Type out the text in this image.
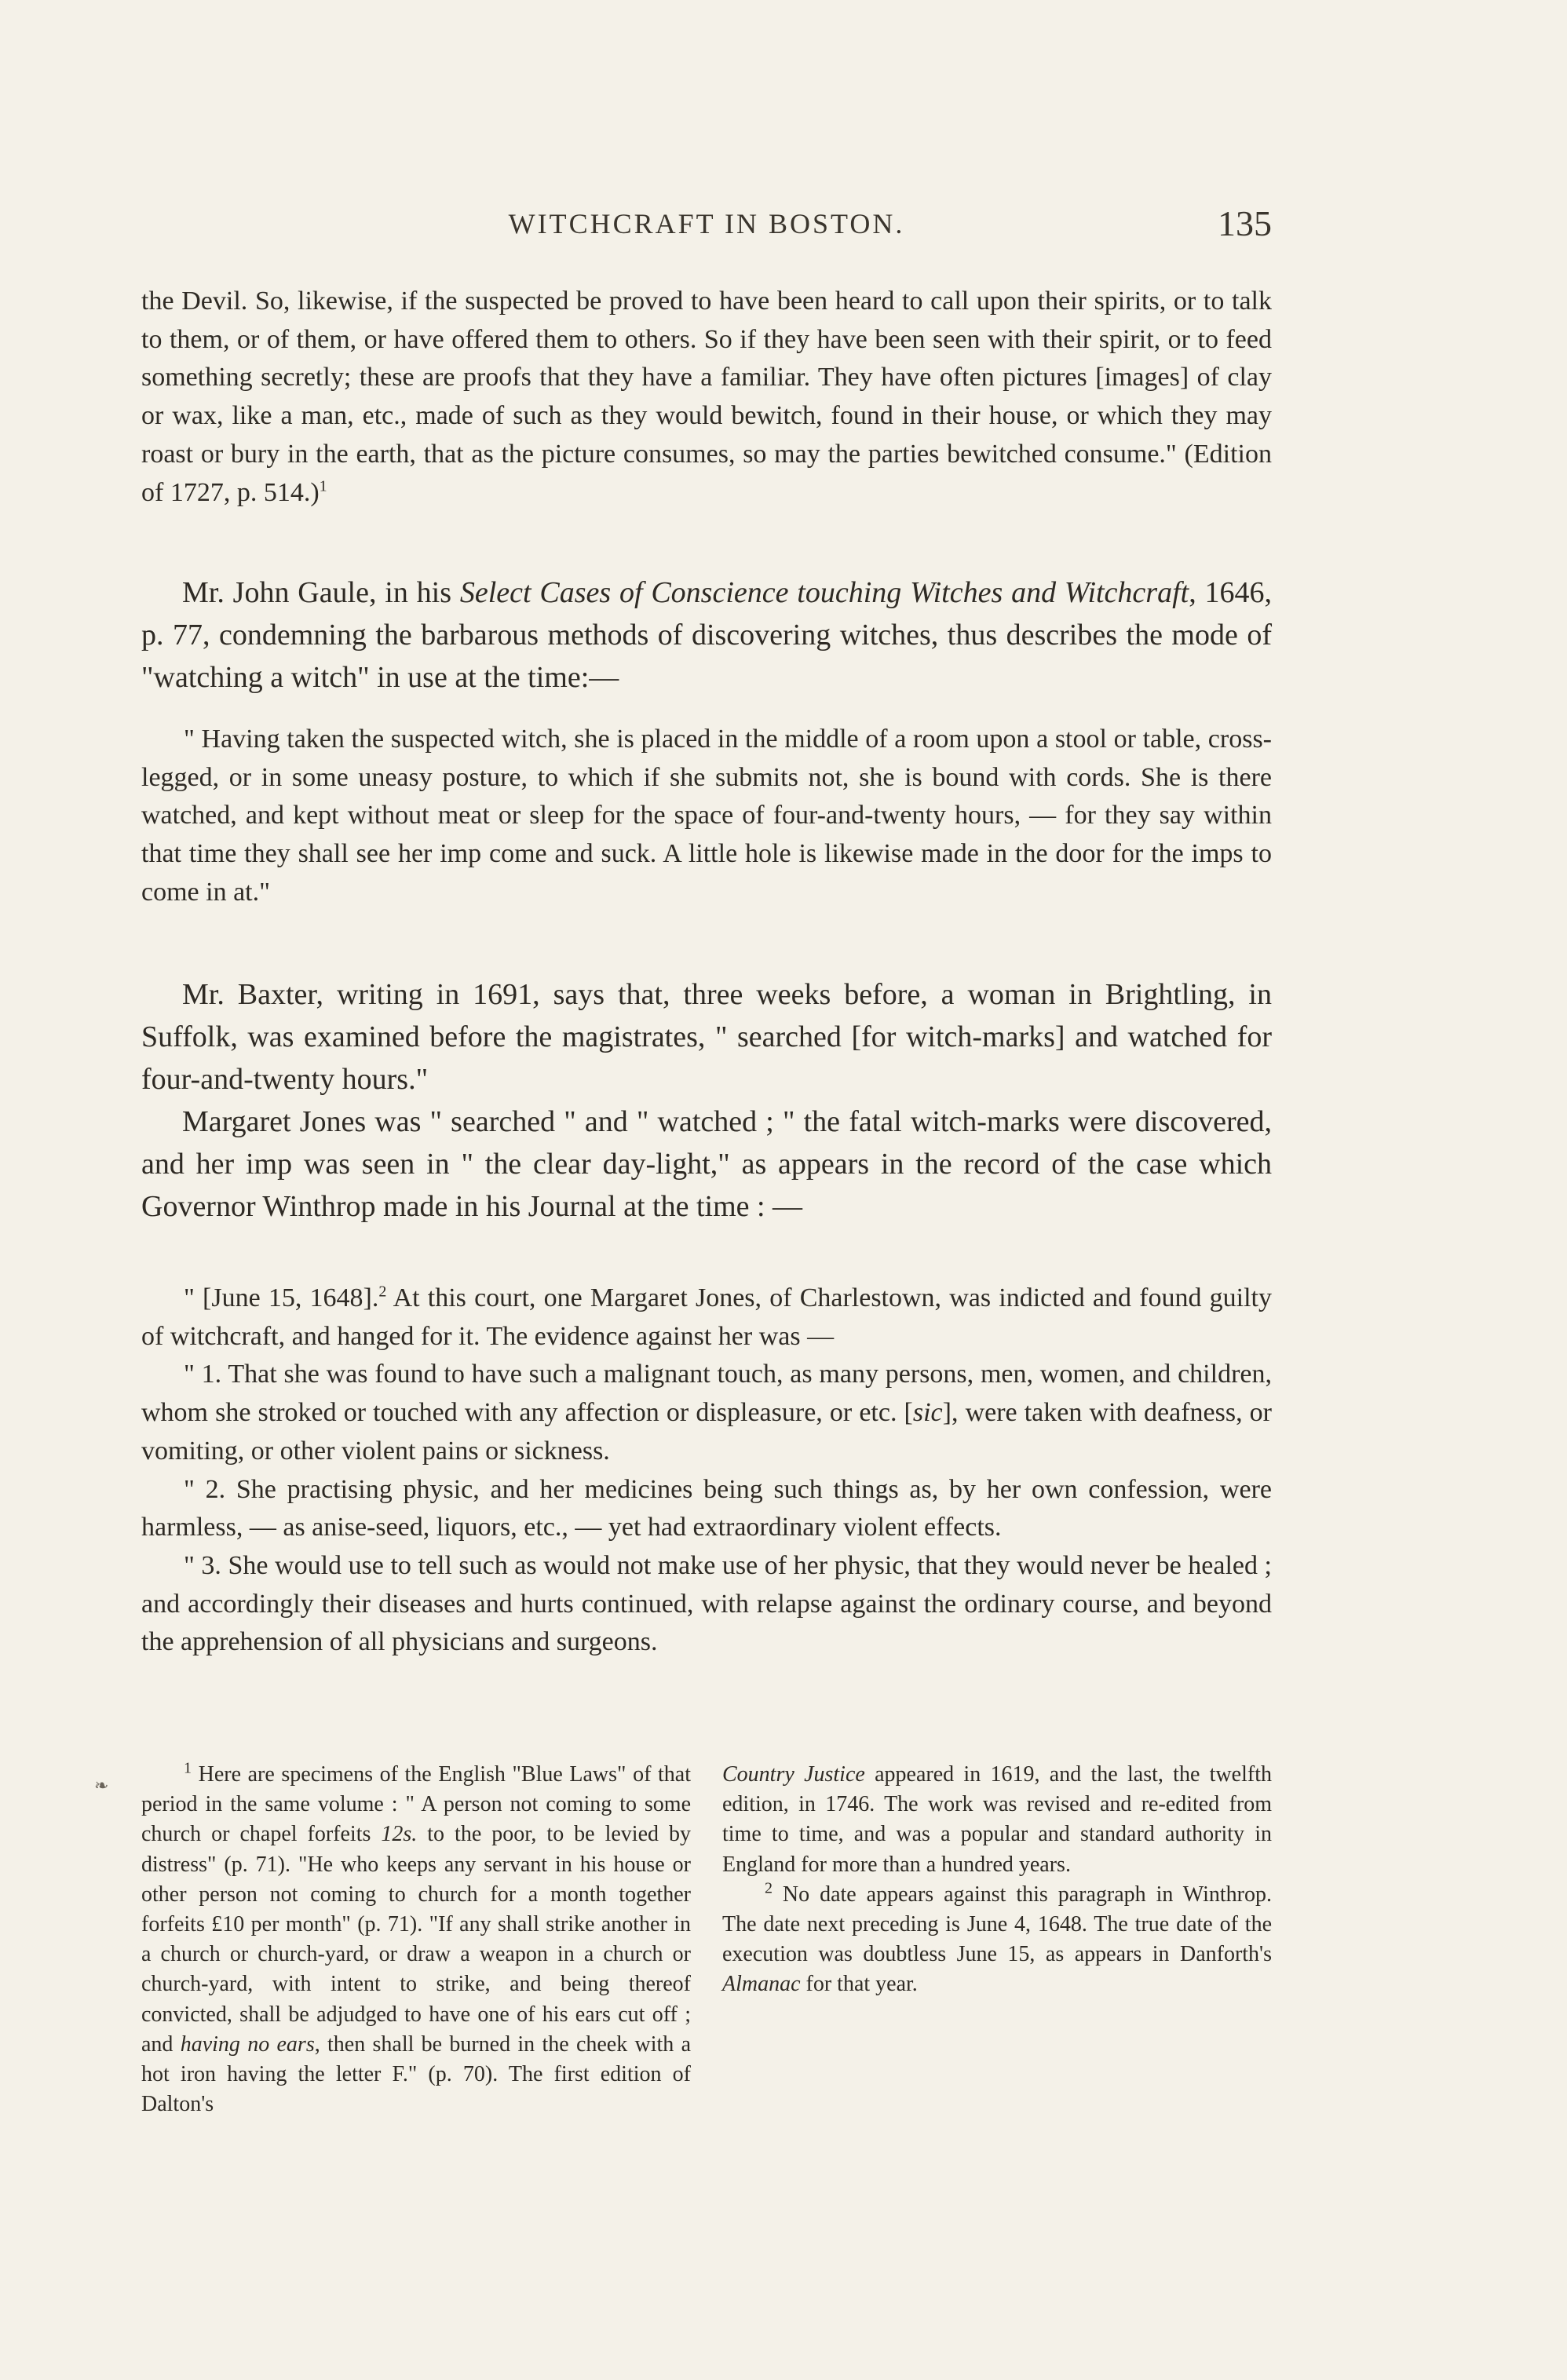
WITCHCRAFT IN BOSTON.	135

the Devil. So, likewise, if the suspected be proved to have been heard to call upon their spirits, or to talk to them, or of them, or have offered them to others. So if they have been seen with their spirit, or to feed something secretly; these are proofs that they have a familiar. They have often pictures [images] of clay or wax, like a man, etc., made of such as they would bewitch, found in their house, or which they may roast or bury in the earth, that as the picture consumes, so may the parties bewitched consume." (Edition of 1727, p. 514.)$^1$

Mr. John Gaule, in his Select Cases of Conscience touching Witches and Witchcraft, 1646, p. 77, condemning the barbarous methods of discovering witches, thus describes the mode of "watching a witch" in use at the time:—

" Having taken the suspected witch, she is placed in the middle of a room upon a stool or table, cross-legged, or in some uneasy posture, to which if she submits not, she is bound with cords. She is there watched, and kept without meat or sleep for the space of four-and-twenty hours, — for they say within that time they shall see her imp come and suck. A little hole is likewise made in the door for the imps to come in at."

Mr. Baxter, writing in 1691, says that, three weeks before, a woman in Brightling, in Suffolk, was examined before the magistrates, " searched [for witch-marks] and watched for four-and-twenty hours."

Margaret Jones was " searched " and " watched ; " the fatal witch-marks were discovered, and her imp was seen in " the clear day-light," as appears in the record of the case which Governor Winthrop made in his Journal at the time : —

" [June 15, 1648].$^2$ At this court, one Margaret Jones, of Charlestown, was indicted and found guilty of witchcraft, and hanged for it. The evidence against her was —

" 1. That she was found to have such a malignant touch, as many persons, men, women, and children, whom she stroked or touched with any affection or displeasure, or etc. [sic], were taken with deafness, or vomiting, or other violent pains or sickness.

" 2. She practising physic, and her medicines being such things as, by her own confession, were harmless, — as anise-seed, liquors, etc., — yet had extraordinary violent effects.

" 3. She would use to tell such as would not make use of her physic, that they would never be healed ; and accordingly their diseases and hurts continued, with relapse against the ordinary course, and beyond the apprehension of all physicians and surgeons.

❧

$^1$ Here are specimens of the English "Blue Laws" of that period in the same volume : " A person not coming to some church or chapel forfeits 12s. to the poor, to be levied by distress" (p. 71). "He who keeps any servant in his house or other person not coming to church for a month together forfeits £10 per month" (p. 71). "If any shall strike another in a church or church-yard, or draw a weapon in a church or church-yard, with intent to strike, and being thereof convicted, shall be adjudged to have one of his ears cut off ; and having no ears, then shall be burned in the cheek with a hot iron having the letter F." (p. 70). The first edition of Dalton's

Country Justice appeared in 1619, and the last, the twelfth edition, in 1746. The work was revised and re-edited from time to time, and was a popular and standard authority in England for more than a hundred years.

$^2$ No date appears against this paragraph in Winthrop. The date next preceding is June 4, 1648. The true date of the execution was doubtless June 15, as appears in Danforth's Almanac for that year.
